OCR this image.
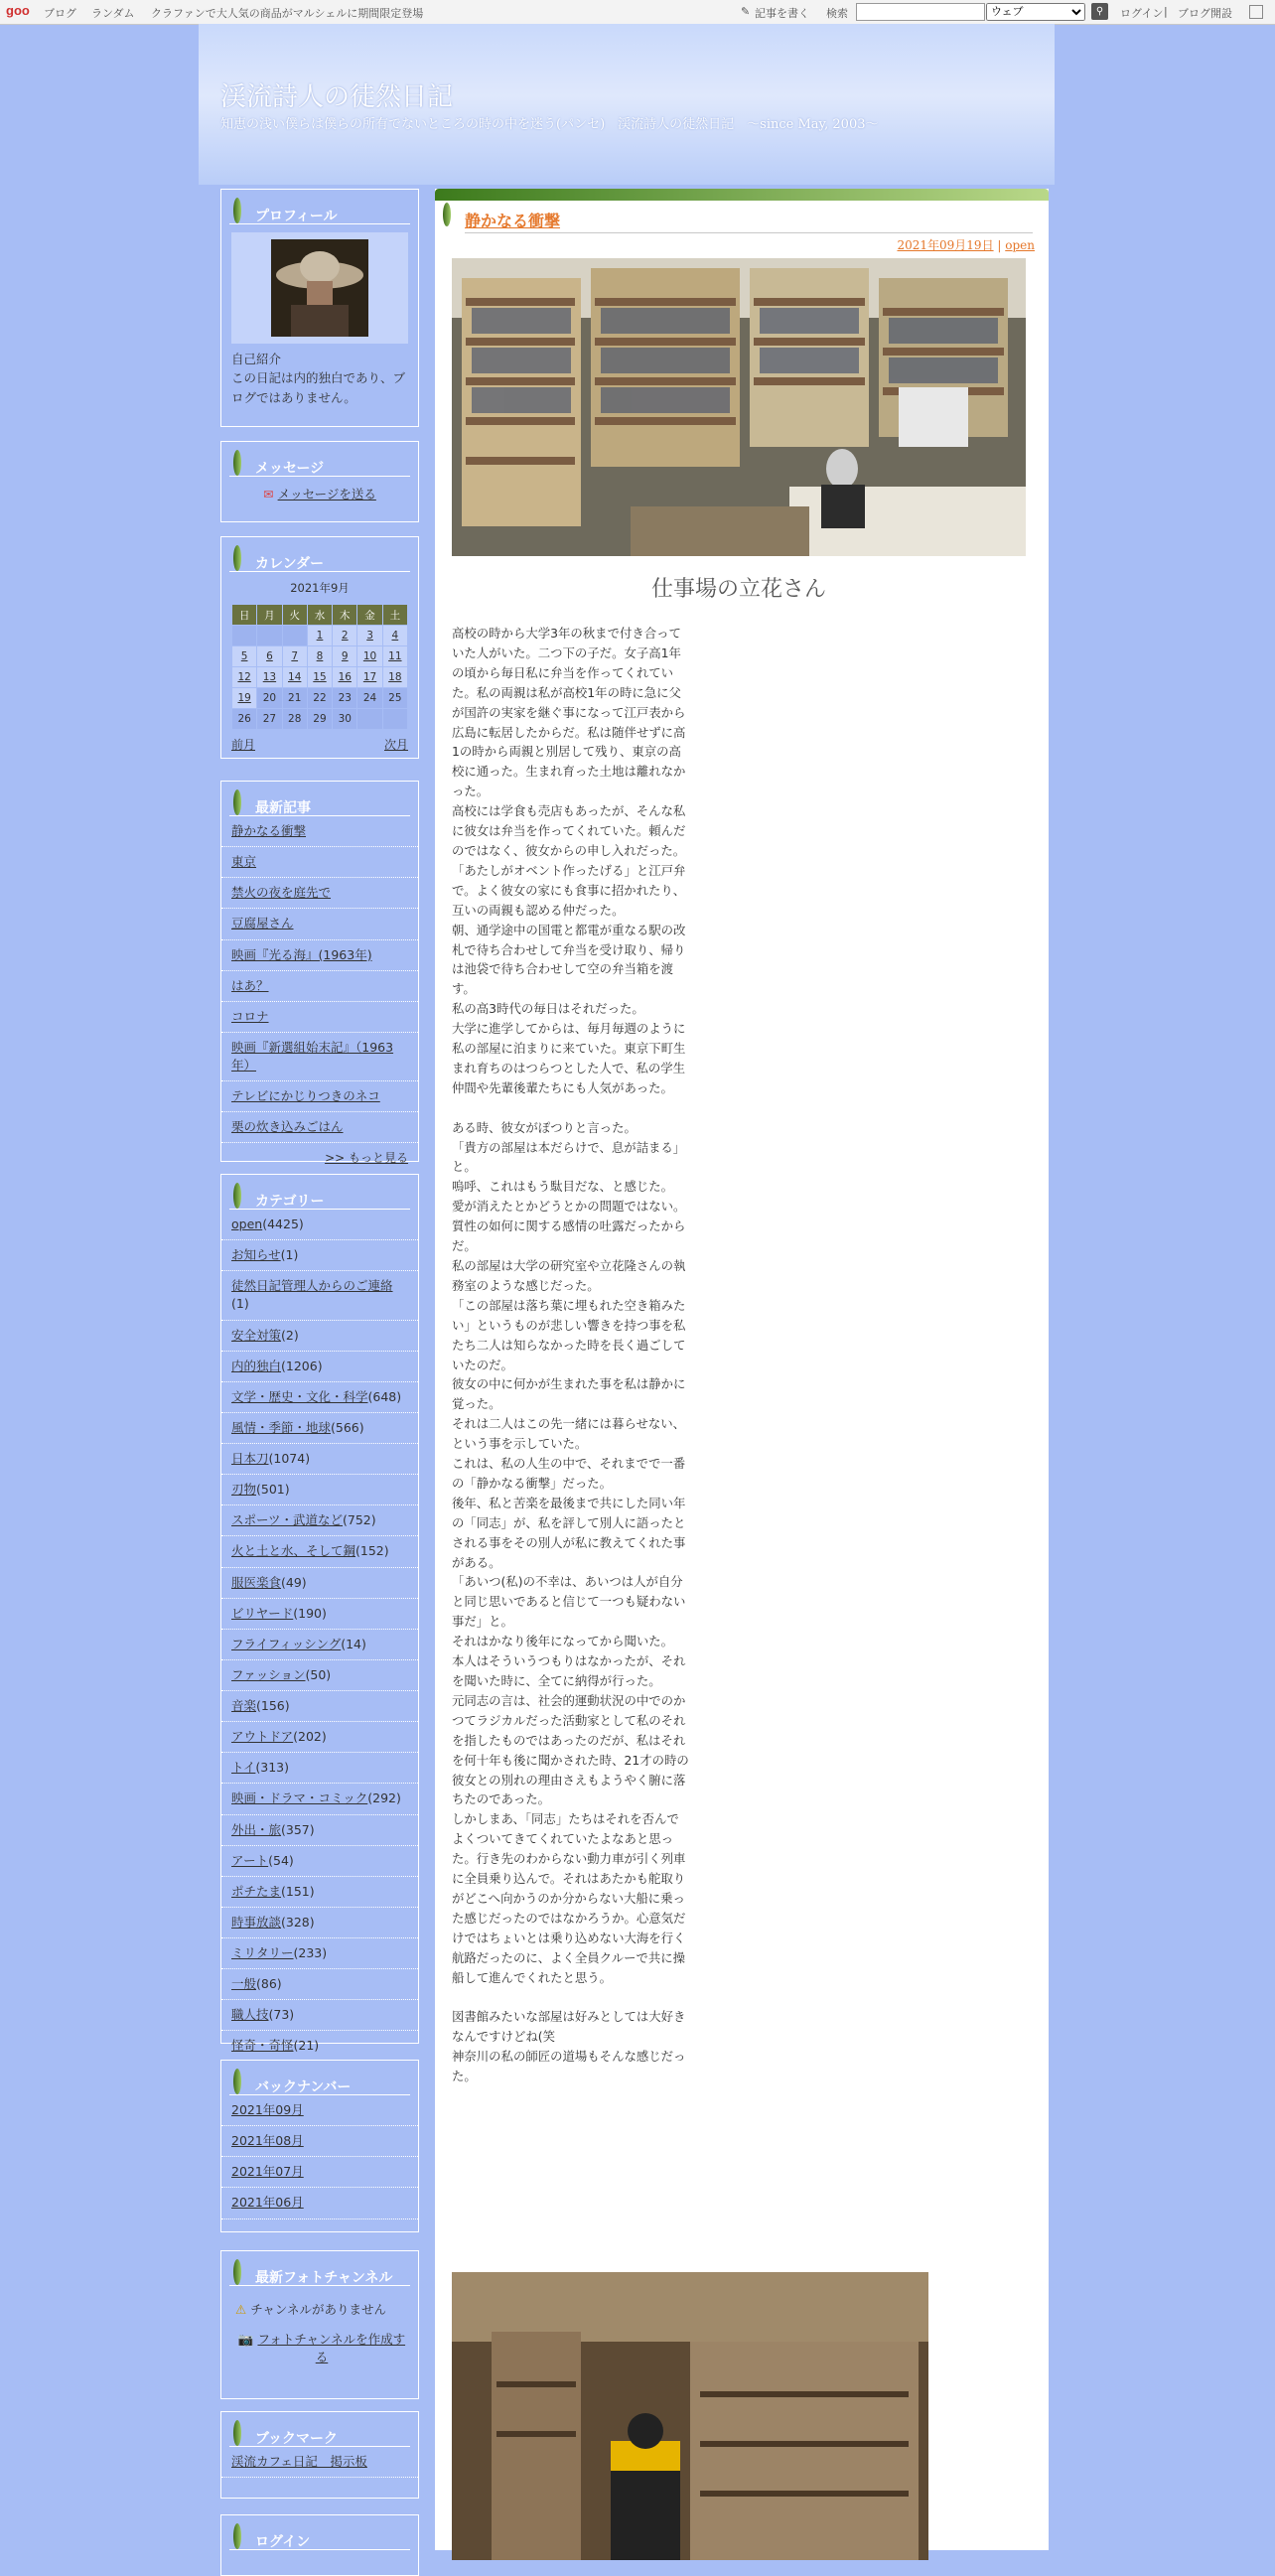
goo ブログ ランダム クラファンで大人気の商品がマルシェルに期間限定登場	✎ 記事を書く 検索
ウェブ	⚲	ログイン | ブログ開設
渓流詩人の徒然日記
知恵の浅い僕らは僕らの所有でないところの時の中を迷う(パンセ)　渓流詩人の徒然日記　～since May, 2003～
プロフィール
自己紹介
この日記は内的独白であり、ブログではありません。
メッセージ
✉ メッセージを送る
カレンダー
2021年9月
日	月	火	水	木	金	土
			1	2	3	4
5	6	7	8	9	10	11
12	13	14	15	16	17	18
19	20	21	22	23	24	25
26	27	28	29	30		
前月	次月
最新記事
静かなる衝撃
東京
禁火の夜を庭先で
豆腐屋さん
映画『光る海』(1963年)
はあ？
コロナ
映画『新選組始末記』（1963年）
テレビにかじりつきのネコ
栗の炊き込みごはん
>> もっと見る
カテゴリー
open(4425)
お知らせ(1)
徒然日記管理人からのご連絡(1)
安全対策(2)
内的独白(1206)
文学・歴史・文化・科学(648)
風情・季節・地球(566)
日本刀(1074)
刃物(501)
スポーツ・武道など(752)
火と土と水、そして鋼(152)
服医楽食(49)
ビリヤード(190)
フライフィッシング(14)
ファッション(50)
音楽(156)
アウトドア(202)
トイ(313)
映画・ドラマ・コミック(292)
外出・旅(357)
アート(54)
ポチたま(151)
時事放談(328)
ミリタリー(233)
一般(86)
職人技(73)
怪奇・奇怪(21)
バックナンバー
2021年09月
2021年08月
2021年07月
2021年06月
最新フォトチャンネル
⚠ チャンネルがありません
📷 フォトチャンネルを作成する
ブックマーク
渓流カフェ日記　掲示板
ログイン
静かなる衝撃
2021年09月19日 | open
仕事場の立花さん

高校の時から大学3年の秋まで付き合っていた人がいた。二つ下の子だ。女子高1年の頃から毎日私に弁当を作ってくれていた。私の両親は私が高校1年の時に急に父が国許の実家を継ぐ事になって江戸表から広島に転居したからだ。私は随伴せずに高1の時から両親と別居して残り、東京の高校に通った。生まれ育った土地は離れなかった。

高校には学食も売店もあったが、そんな私に彼女は弁当を作ってくれていた。頼んだのではなく、彼女からの申し入れだった。「あたしがオベント作ったげる」と江戸弁で。よく彼女の家にも食事に招かれたり、互いの両親も認める仲だった。

朝、通学途中の国電と都電が重なる駅の改札で待ち合わせして弁当を受け取り、帰りは池袋で待ち合わせして空の弁当箱を渡す。

私の高3時代の毎日はそれだった。

大学に進学してからは、毎月毎週のように私の部屋に泊まりに来ていた。東京下町生まれ育ちのはつらつとした人で、私の学生仲間や先輩後輩たちにも人気があった。

ある時、彼女がぽつりと言った。

「貴方の部屋は本だらけで、息が詰まる」と。

嗚呼、これはもう駄目だな、と感じた。

愛が消えたとかどうとかの問題ではない。質性の如何に関する感情の吐露だったからだ。

私の部屋は大学の研究室や立花隆さんの執務室のような感じだった。

「この部屋は落ち葉に埋もれた空き箱みたい」というものが悲しい響きを持つ事を私たち二人は知らなかった時を長く過ごしていたのだ。

彼女の中に何かが生まれた事を私は静かに覚った。

それは二人はこの先一緒には暮らせない、という事を示していた。

これは、私の人生の中で、それまでで一番の「静かなる衝撃」だった。

後年、私と苦楽を最後まで共にした同い年の「同志」が、私を評して別人に語ったとされる事をその別人が私に教えてくれた事がある。

「あいつ(私)の不幸は、あいつは人が自分と同じ思いであると信じて一つも疑わない事だ」と。

それはかなり後年になってから聞いた。

本人はそういうつもりはなかったが、それを聞いた時に、全てに納得が行った。

元同志の言は、社会的運動状況の中でのかつてラジカルだった活動家として私のそれを指したものではあったのだが、私はそれを何十年も後に聞かされた時、21才の時の彼女との別れの理由さえもようやく腑に落ちたのであった。

しかしまあ、「同志」たちはそれを否んでよくついてきてくれていたよなあと思った。行き先のわからない動力車が引く列車に全員乗り込んで。それはあたかも舵取りがどこへ向かうのか分からない大船に乗った感じだったのではなかろうか。心意気だけではちょいとは乗り込めない大海を行く航路だったのに、よく全員クルーで共に操船して進んでくれたと思う。

図書館みたいな部屋は好みとしては大好きなんですけどね(笑

神奈川の私の師匠の道場もそんな感じだった。
